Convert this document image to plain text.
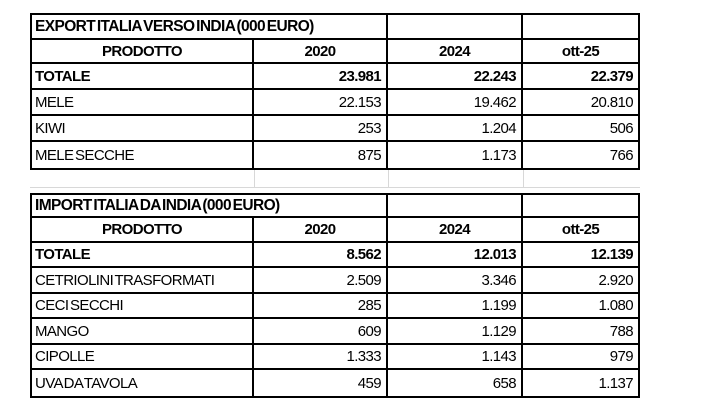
EXPORT ITALIA VERSO INDIA (000 EURO)
PRODOTTO	2020	2024	ott-25
TOTALE	23.981	22.243	22.379
MELE	22.153	19.462	20.810
KIWI	253	1.204	506
MELE SECCHE	875	1.173	766
IMPORT ITALIA DA INDIA (000 EURO)
PRODOTTO	2020	2024	ott-25
TOTALE	8.562	12.013	12.139
CETRIOLINI TRASFORMATI	2.509	3.346	2.920
CECI SECCHI	285	1.199	1.080
MANGO	609	1.129	788
CIPOLLE	1.333	1.143	979
UVA DA TAVOLA	459	658	1.137
